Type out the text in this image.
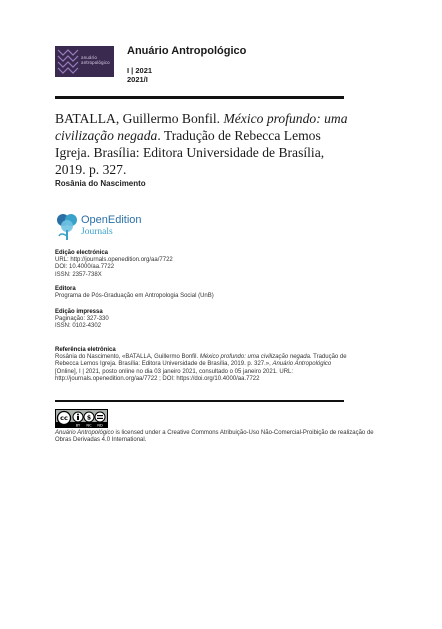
anuário
antropológico
Anuário Antropológico
I | 2021
2021/I
BATALLA, Guillermo Bonfil. México profundo: uma civilização negada. Tradução de Rebecca Lemos Igreja. Brasília: Editora Universidade de Brasília, 2019. p. 327.
Rosânia do Nascimento
OpenEdition
Journals
Edição electrónica
URL: http://journals.openedition.org/aa/7722
DOI: 10.4000/aa.7722
ISSN: 2357-738X
Editora
Programa de Pós-Graduação em Antropologia Social (UnB)
Edição impressa
Paginação: 327-330
ISSN: 0102-4302
Referência eletrônica
Rosânia do Nascimento, «BATALLA, Guillermo Bonfil. México profundo: uma civilização negada. Tradução de Rebecca Lemos Igreja. Brasília: Editora Universidade de Brasília, 2019. p. 327.», Anuário Antropológico [Online], I | 2021, posto online no dia 03 janeiro 2021, consultado o 05 janeiro 2021. URL: http://journals.openedition.org/aa/7722 ; DOI: https://doi.org/10.4000/aa.7722
$
cc
BY NC ND
Anuário Antropológico is licensed under a Creative Commons Atribuição-Uso Não-Comercial-Proibição de realização de Obras Derivadas 4.0 International.
